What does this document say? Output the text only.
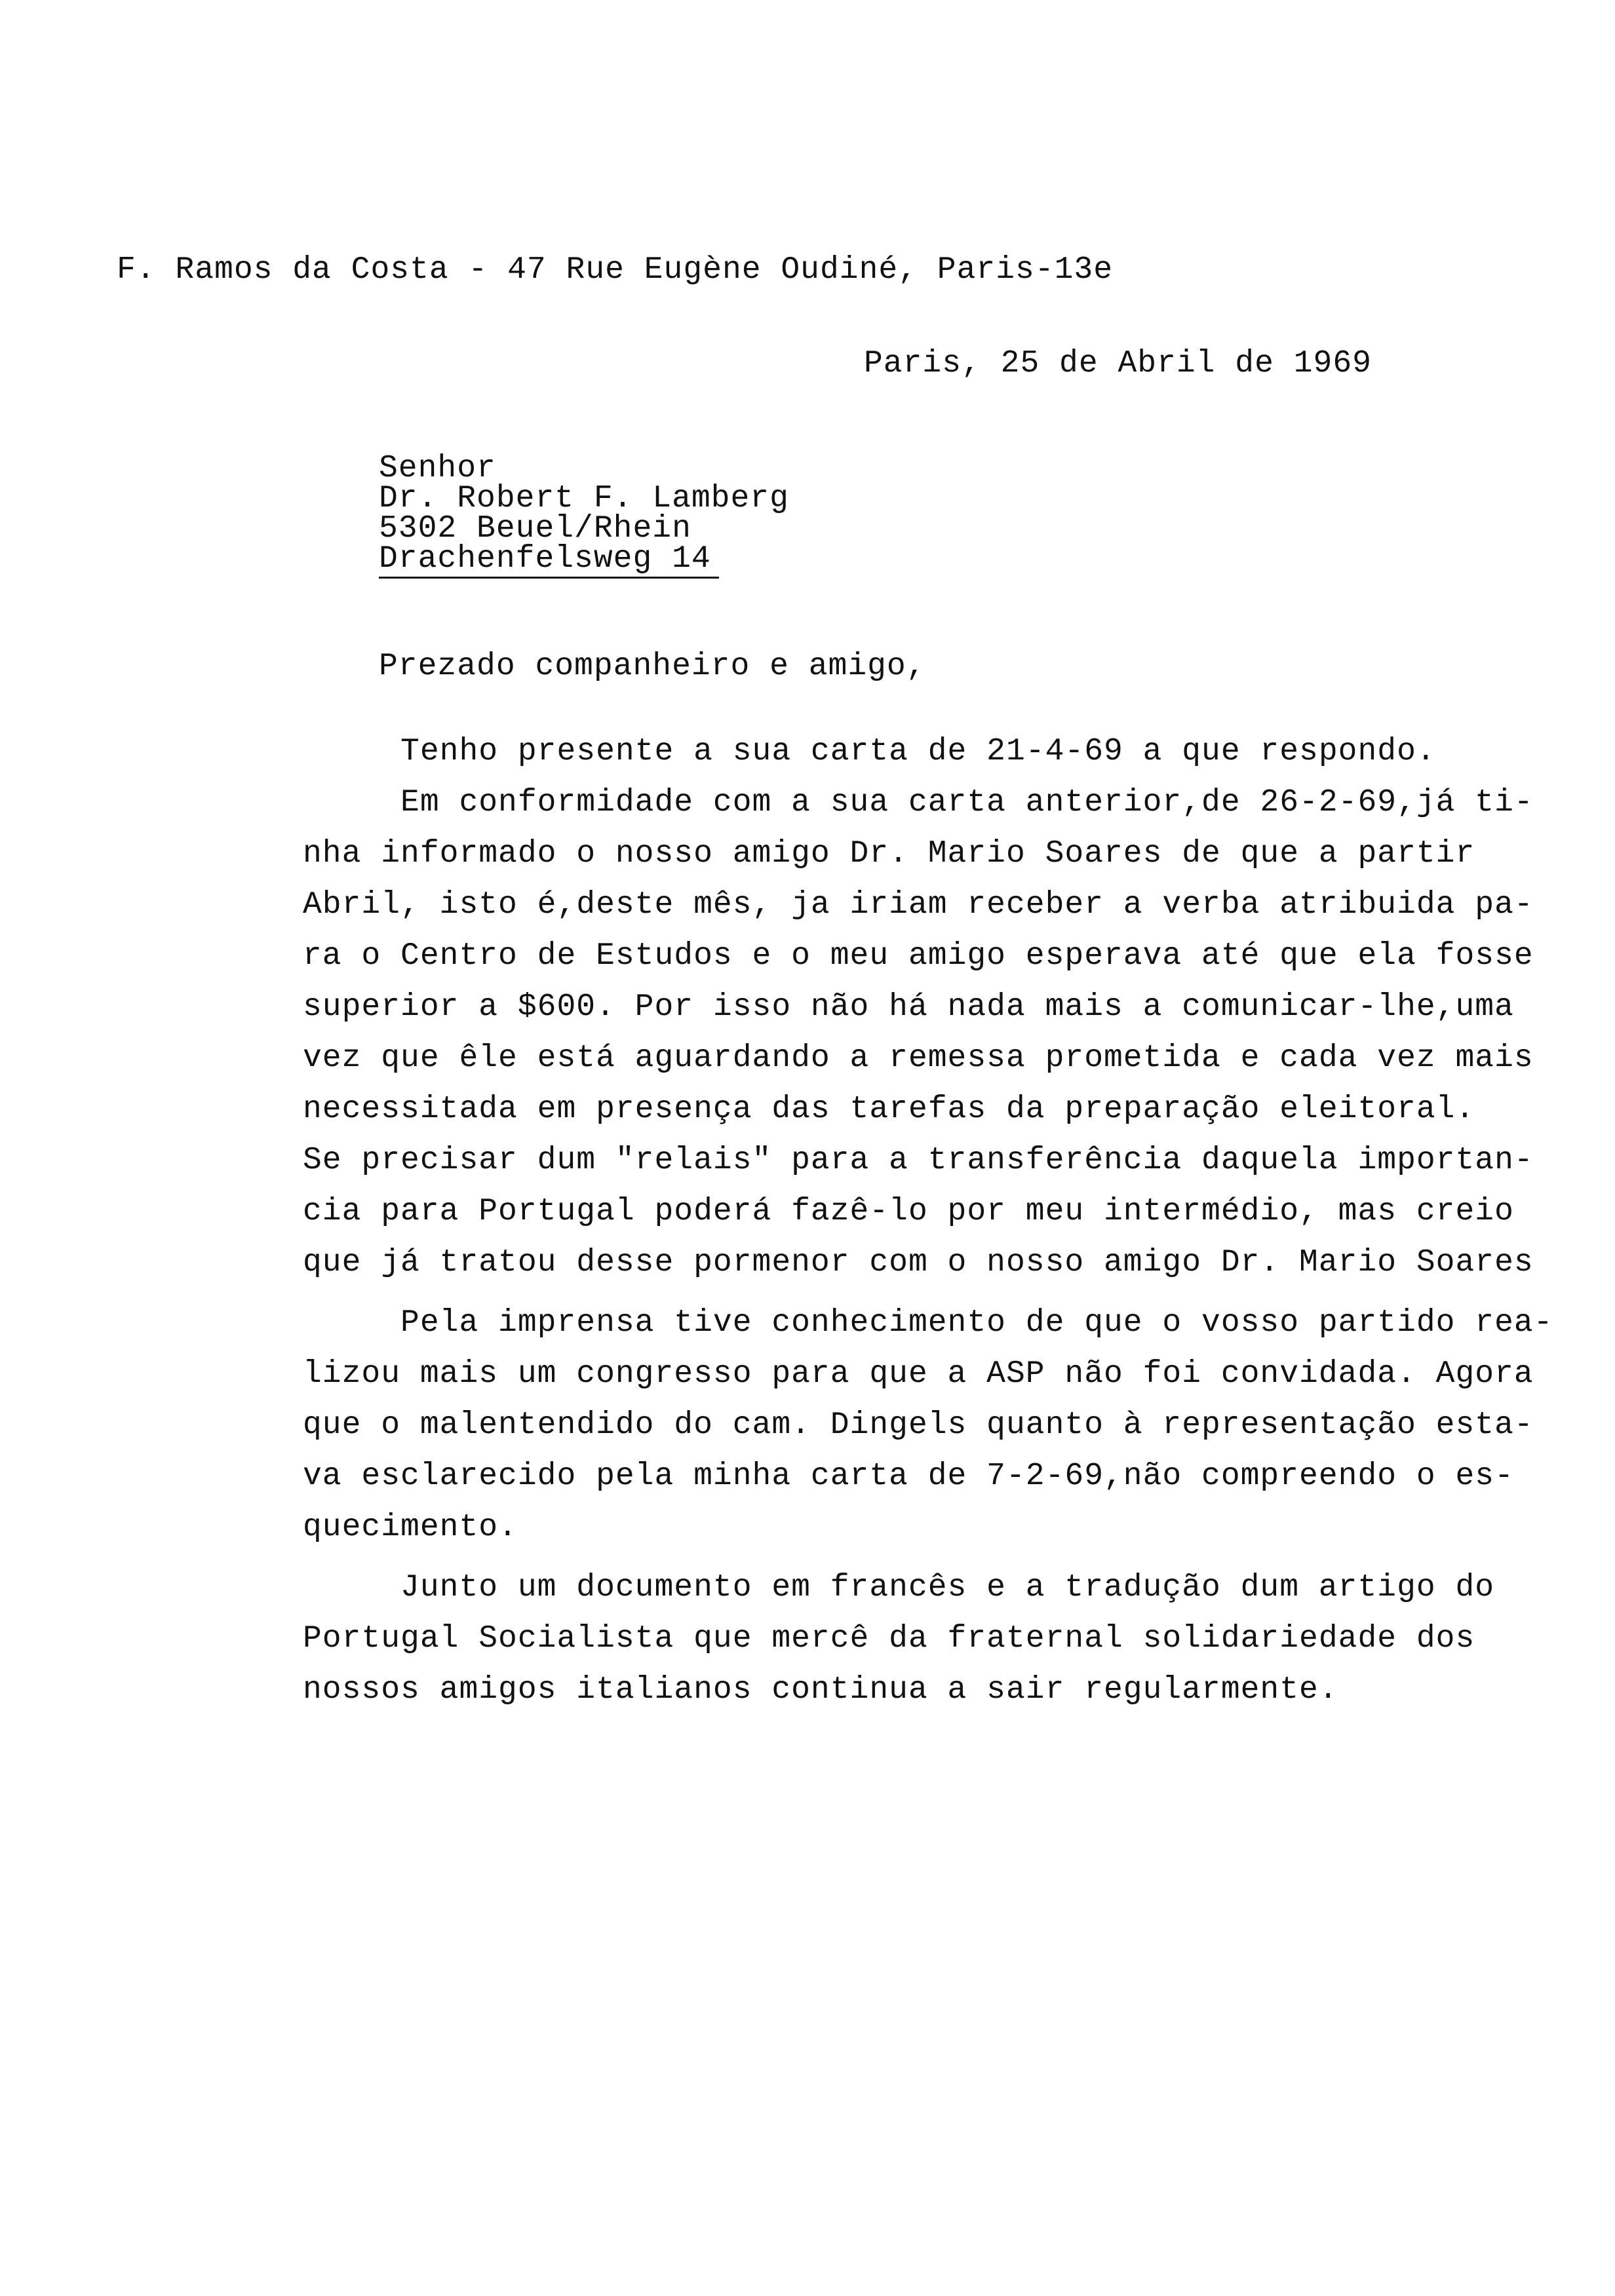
F. Ramos da Costa - 47 Rue Eugène Oudiné, Paris-13e
Paris, 25 de Abril de 1969
Senhor
Dr. Robert F. Lamberg
5302 Beuel/Rhein
Drachenfelsweg 14
Prezado companheiro e amigo,
Tenho presente a sua carta de 21-4-69 a que respondo.
Em conformidade com a sua carta anterior,de 26-2-69,já ti-
nha informado o nosso amigo Dr. Mario Soares de que a partir
Abril, isto é,deste mês, ja iriam receber a verba atribuida pa-
ra o Centro de Estudos e o meu amigo esperava até que ela fosse
superior a $600. Por isso não há nada mais a comunicar-lhe,uma
vez que êle está aguardando a remessa prometida e cada vez mais
necessitada em presença das tarefas da preparação eleitoral.
Se precisar dum "relais" para a transferência daquela importan-
cia para Portugal poderá fazê-lo por meu intermédio, mas creio
que já tratou desse pormenor com o nosso amigo Dr. Mario Soares
Pela imprensa tive conhecimento de que o vosso partido rea-
lizou mais um congresso para que a ASP não foi convidada. Agora
que o malentendido do cam. Dingels quanto à representação esta-
va esclarecido pela minha carta de 7-2-69,não compreendo o es-
quecimento.
Junto um documento em francês e a tradução dum artigo do
Portugal Socialista que mercê da fraternal solidariedade dos
nossos amigos italianos continua a sair regularmente.
